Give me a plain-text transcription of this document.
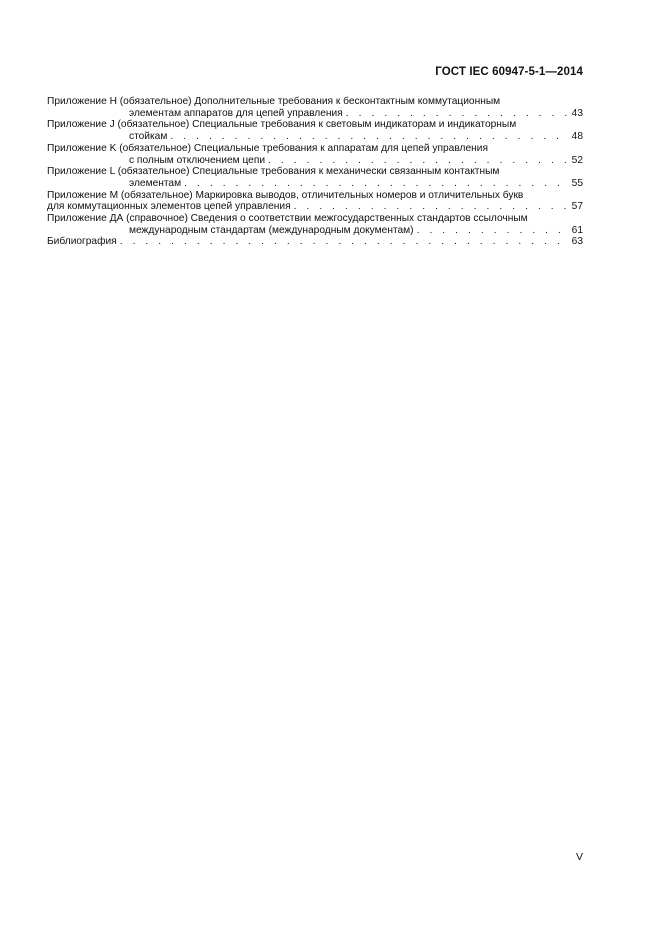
ГОСТ IEC 60947-5-1—2014
Приложение H (обязательное) Дополнительные требования к бесконтактным коммутационным
элементам аппаратов для цепей управления . . .	43
Приложение J (обязательное) Специальные требования к световым индикаторам и индикаторным
стойкам . . .	48
Приложение K (обязательное) Специальные требования к аппаратам для цепей управления
с полным отключением цепи . . .	52
Приложение L (обязательное) Специальные требования к механически связанным контактным
элементам . . .	55
Приложение M (обязательное) Маркировка выводов, отличительных номеров и отличительных букв
для коммутационных элементов цепей управления . . .	57
Приложение ДА (справочное) Сведения о соответствии межгосударственных стандартов ссылочным
международным стандартам (международным документам) . . .	61
Библиография . . .	63
V
